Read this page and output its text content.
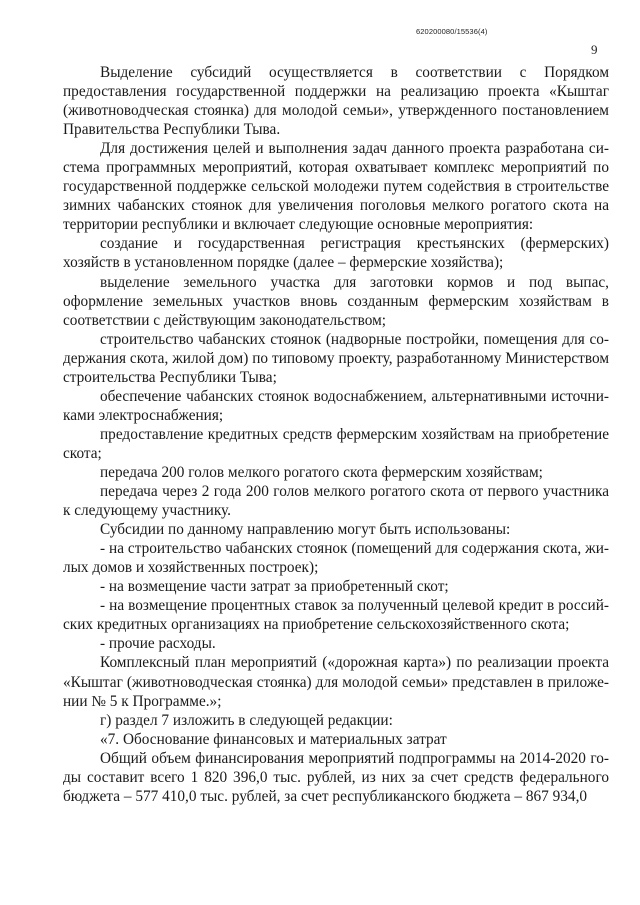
620200080/15536(4)
9

Выделение субсидий осуществляется в соответствии с Порядком предоставления государственной поддержки на реализацию проекта «Кыштаг (животноводческая стоянка) для молодой семьи», утвержденного постановлением Правительства Республики Тыва.

Для достижения целей и выполнения задач данного проекта разработана система программных мероприятий, которая охватывает комплекс мероприятий по государственной поддержке сельской молодежи путем содействия в строительстве зимних чабанских стоянок для увеличения поголовья мелкого рогатого скота на территории республики и включает следующие основные мероприятия:

создание и государственная регистрация крестьянских (фермерских) хозяйств в установленном порядке (далее – фермерские хозяйства);

выделение земельного участка для заготовки кормов и под выпас, оформление земельных участков вновь созданным фермерским хозяйствам в соответствии с действующим законодательством;

строительство чабанских стоянок (надворные постройки, помещения для содержания скота, жилой дом) по типовому проекту, разработанному Министерством строительства Республики Тыва;

обеспечение чабанских стоянок водоснабжением, альтернативными источниками электроснабжения;

предоставление кредитных средств фермерским хозяйствам на приобретение скота;

передача 200 голов мелкого рогатого скота фермерским хозяйствам;

передача через 2 года 200 голов мелкого рогатого скота от первого участника к следующему участнику.

Субсидии по данному направлению могут быть использованы:

- на строительство чабанских стоянок (помещений для содержания скота, жилых домов и хозяйственных построек);

- на возмещение части затрат за приобретенный скот;

- на возмещение процентных ставок за полученный целевой кредит в российских кредитных организациях на приобретение сельскохозяйственного скота;

- прочие расходы.

Комплексный план мероприятий («дорожная карта») по реализации проекта «Кыштаг (животноводческая стоянка) для молодой семьи» представлен в приложении № 5 к Программе.»;

г) раздел 7 изложить в следующей редакции:

«7. Обоснование финансовых и материальных затрат

Общий объем финансирования мероприятий подпрограммы на 2014-2020 годы составит всего 1 820 396,0 тыс. рублей, из них за счет средств федерального бюджета – 577 410,0 тыс. рублей, за счет республиканского бюджета – 867 934,0
